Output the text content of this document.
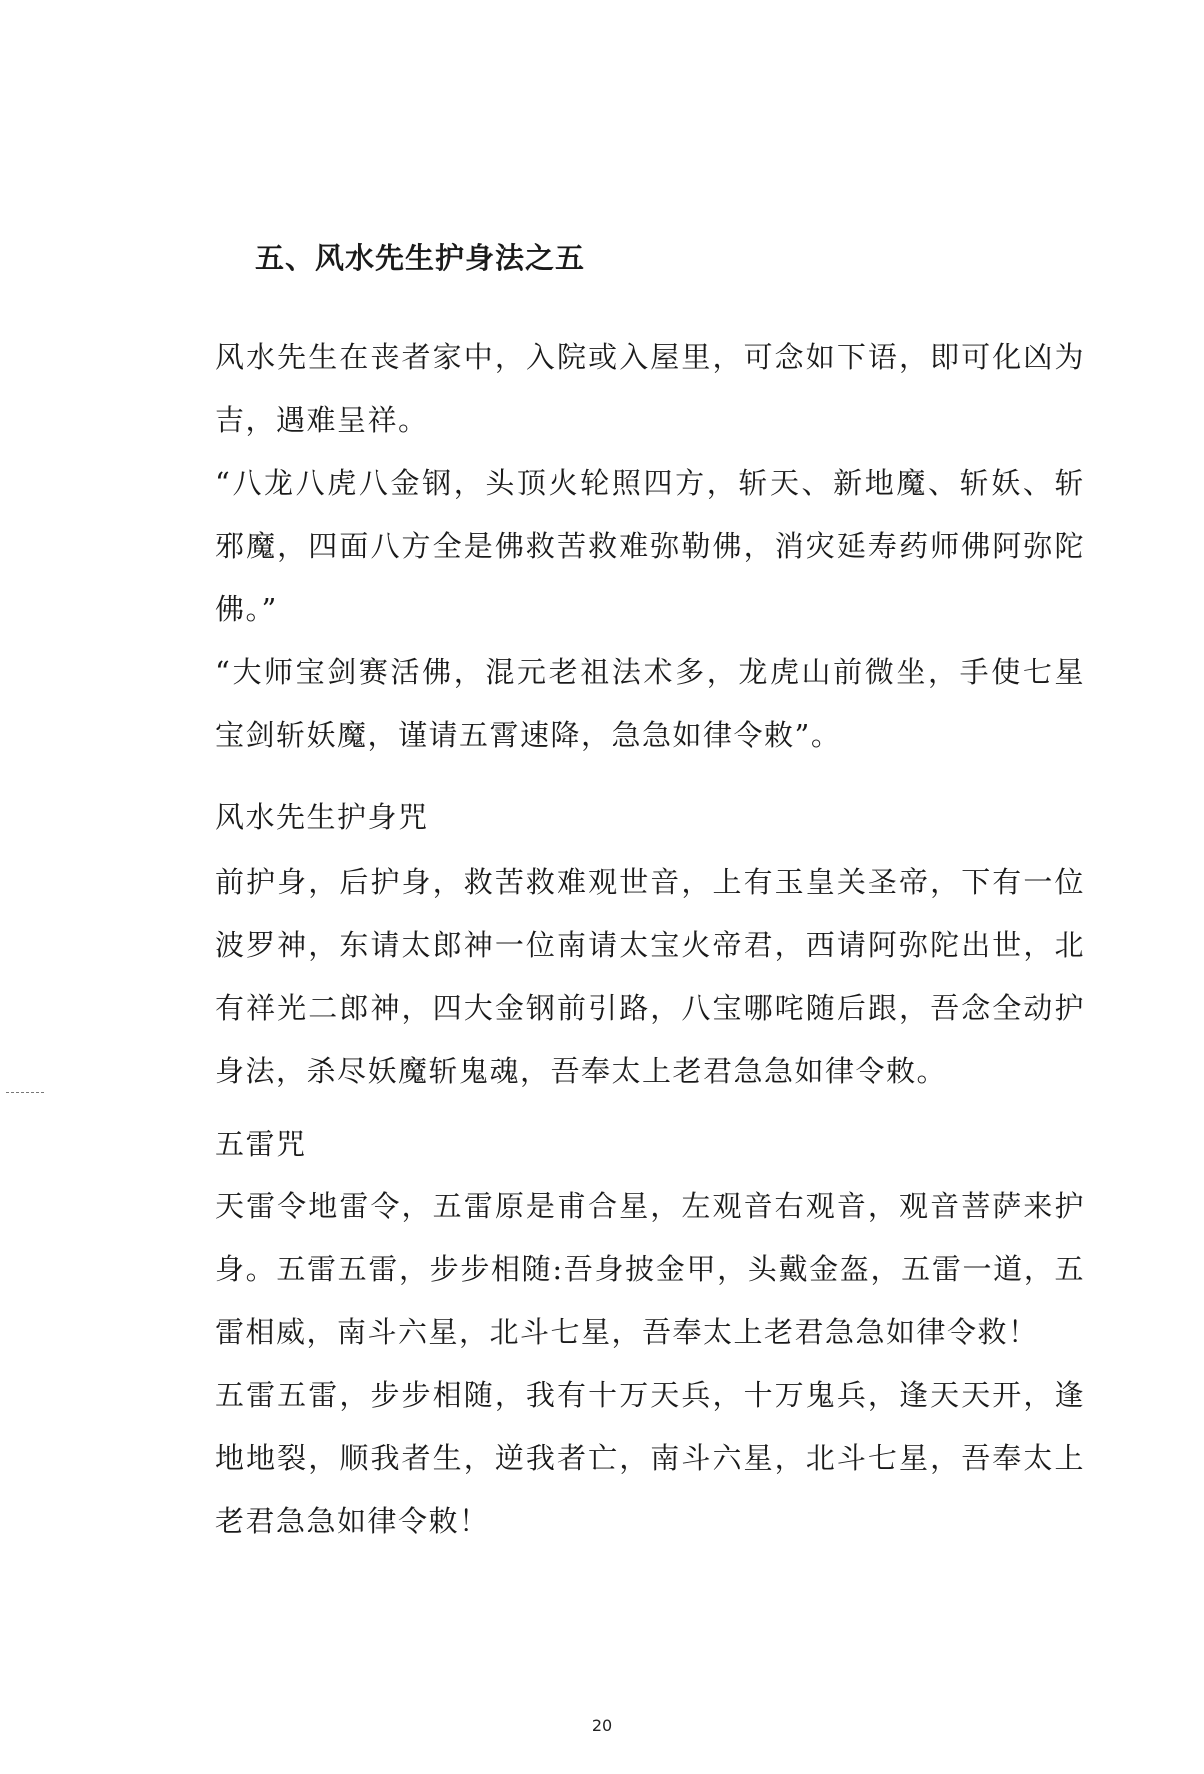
五、风水先生护身法之五

风水先生在丧者家中，入院或入屋里，可念如下语，即可化凶为吉，遇难呈祥。

“八龙八虎八金钢，头顶火轮照四方，斩天、新地魔、斩妖、斩邪魔，四面八方全是佛救苦救难弥勒佛，消灾延寿药师佛阿弥陀佛。”

“大师宝剑赛活佛，混元老祖法术多，龙虎山前微坐，手使七星宝剑斩妖魔，谨请五霄速降，急急如律令敕”。

风水先生护身咒

前护身，后护身，救苦救难观世音，上有玉皇关圣帝，下有一位波罗神，东请太郎神一位南请太宝火帝君，西请阿弥陀出世，北有祥光二郎神，四大金钢前引路，八宝哪咤随后跟，吾念全动护身法，杀尽妖魔斩鬼魂，吾奉太上老君急急如律令敕。

五雷咒

天雷令地雷令，五雷原是甫合星，左观音右观音，观音菩萨来护身。五雷五雷，步步相随:吾身披金甲，头戴金盔，五雷一道，五雷相威，南斗六星，北斗七星，吾奉太上老君急急如律令救！

五雷五雷，步步相随，我有十万天兵，十万鬼兵，逢天天开，逢地地裂，顺我者生，逆我者亡，南斗六星，北斗七星，吾奉太上老君急急如律令敕！

20
